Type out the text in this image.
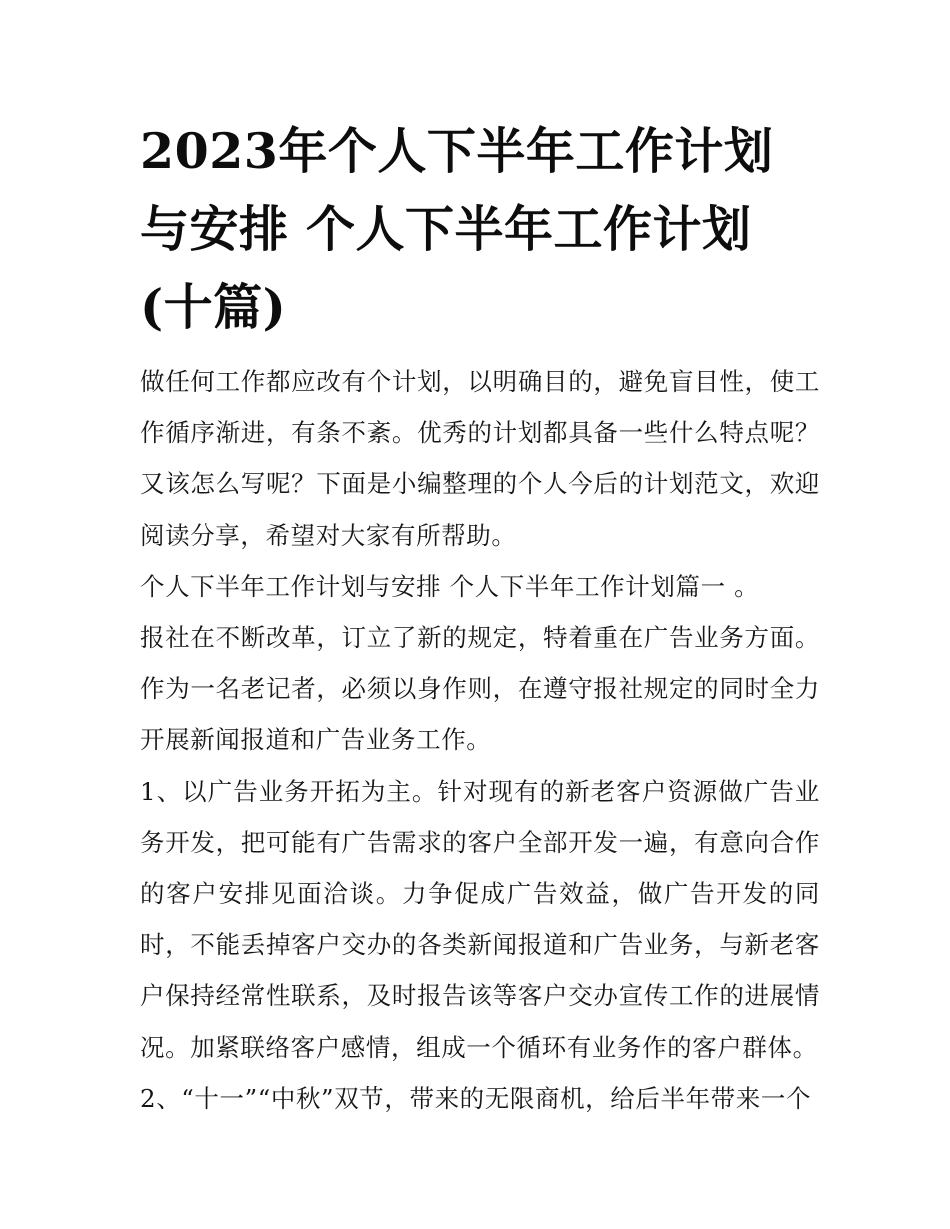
2023年个人下半年工作计划与安排 个人下半年工作计划(十篇)

做任何工作都应改有个计划，以明确目的，避免盲目性，使工作循序渐进，有条不紊。优秀的计划都具备一些什么特点呢？又该怎么写呢？下面是小编整理的个人今后的计划范文，欢迎阅读分享，希望对大家有所帮助。

个人下半年工作计划与安排 个人下半年工作计划篇一 。

报社在不断改革，订立了新的规定，特着重在广告业务方面。作为一名老记者，必须以身作则，在遵守报社规定的同时全力开展新闻报道和广告业务工作。

1、以广告业务开拓为主。针对现有的新老客户资源做广告业务开发，把可能有广告需求的客户全部开发一遍，有意向合作的客户安排见面洽谈。力争促成广告效益，做广告开发的同时，不能丢掉客户交办的各类新闻报道和广告业务，与新老客户保持经常性联系，及时报告该等客户交办宣传工作的进展情况。加紧联络客户感情，组成一个循环有业务作的客户群体。

2、“十一”“中秋”双节，带来的无限商机，给后半年带来一个
